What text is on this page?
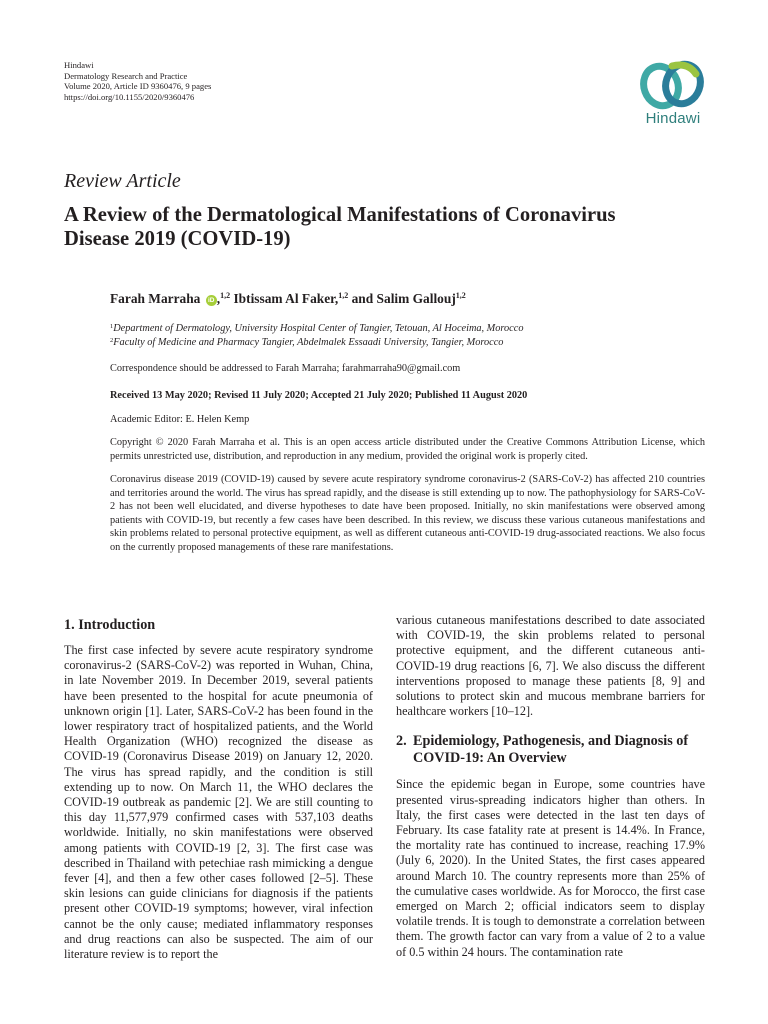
Hindawi
Dermatology Research and Practice
Volume 2020, Article ID 9360476, 9 pages
https://doi.org/10.1155/2020/9360476
Hindawi
Review Article
A Review of the Dermatological Manifestations of Coronavirus
Disease 2019 (COVID-19)
Farah Marraha iD ,$^{1,2}$ Ibtissam Al Faker,$^{1,2}$ and Salim Gallouj$^{1,2}$
$^1$Department of Dermatology, University Hospital Center of Tangier, Tetouan, Al Hoceima, Morocco
$^2$Faculty of Medicine and Pharmacy Tangier, Abdelmalek Essaadi University, Tangier, Morocco
Correspondence should be addressed to Farah Marraha; farahmarraha90@gmail.com
Received 13 May 2020; Revised 11 July 2020; Accepted 21 July 2020; Published 11 August 2020
Academic Editor: E. Helen Kemp
Copyright © 2020 Farah Marraha et al. This is an open access article distributed under the Creative Commons Attribution License, which permits unrestricted use, distribution, and reproduction in any medium, provided the original work is properly cited.
Coronavirus disease 2019 (COVID-19) caused by severe acute respiratory syndrome coronavirus-2 (SARS-CoV-2) has affected 210 countries and territories around the world. The virus has spread rapidly, and the disease is still extending up to now. The pathophysiology for SARS-CoV-2 has not been well elucidated, and diverse hypotheses to date have been proposed. Initially, no skin manifestations were observed among patients with COVID-19, but recently a few cases have been described. In this review, we discuss these various cutaneous manifestations and skin problems related to personal protective equipment, as well as different cutaneous anti-COVID-19 drug-associated reactions. We also focus on the currently proposed managements of these rare manifestations.
1. Introduction
The first case infected by severe acute respiratory syndrome coronavirus-2 (SARS-CoV-2) was reported in Wuhan, China, in late November 2019. In December 2019, several patients have been presented to the hospital for acute pneumonia of unknown origin [1]. Later, SARS-CoV-2 has been found in the lower respiratory tract of hospitalized patients, and the World Health Organization (WHO) recognized the disease as COVID-19 (Coronavirus Disease 2019) on January 12, 2020. The virus has spread rapidly, and the condition is still extending up to now. On March 11, the WHO declares the COVID-19 outbreak as pandemic [2]. We are still counting to this day 11,577,979 confirmed cases with 537,103 deaths worldwide. Initially, no skin manifestations were observed among patients with COVID-19 [2, 3]. The first case was described in Thailand with petechiae rash mimicking a dengue fever [4], and then a few other cases followed [2–5]. These skin lesions can guide clinicians for diagnosis if the patients present other COVID-19 symptoms; however, viral infection cannot be the only cause; mediated inflammatory responses and drug reactions can also be suspected. The aim of our literature review is to report the
various cutaneous manifestations described to date associated with COVID-19, the skin problems related to personal protective equipment, and the different cutaneous anti-COVID-19 drug reactions [6, 7]. We also discuss the different interventions proposed to manage these patients [8, 9] and solutions to protect skin and mucous membrane barriers for healthcare workers [10–12].
2. Epidemiology, Pathogenesis, and Diagnosis of
COVID-19: An Overview
Since the epidemic began in Europe, some countries have presented virus-spreading indicators higher than others. In Italy, the first cases were detected in the last ten days of February. Its case fatality rate at present is 14.4%. In France, the mortality rate has continued to increase, reaching 17.9% (July 6, 2020). In the United States, the first cases appeared around March 10. The country represents more than 25% of the cumulative cases worldwide. As for Morocco, the first case emerged on March 2; official indicators seem to display volatile trends. It is tough to demonstrate a correlation between them. The growth factor can vary from a value of 2 to a value of 0.5 within 24 hours. The contamination rate
